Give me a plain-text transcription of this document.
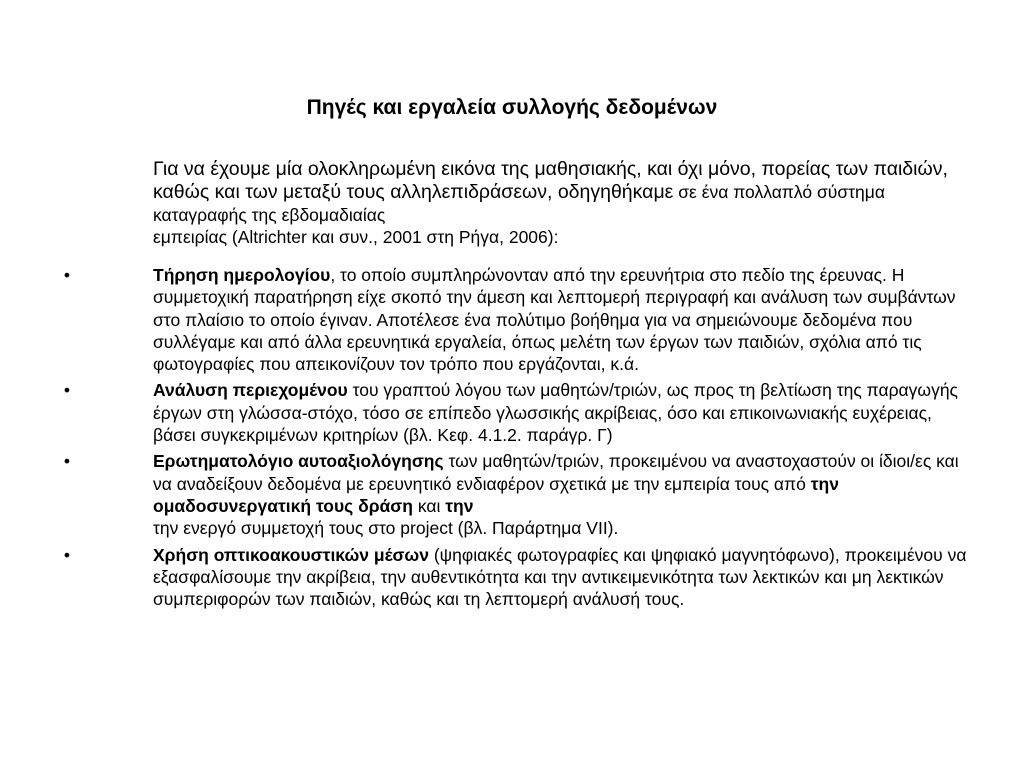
Πηγές και εργαλεία συλλογής δεδομένων
Για να έχουμε μία ολοκληρωμένη εικόνα της μαθησιακής, και όχι μόνο, πορείας των παιδιών, καθώς και των μεταξύ τους αλληλεπιδράσεων, οδηγηθήκαμε σε ένα πολλαπλό σύστημα καταγραφής της εβδομαδιαίας
εμπειρίας (Altrichter και συν., 2001 στη Ρήγα, 2006):
•	Τήρηση ημερολογίου, το οποίο συμπληρώνονταν από την ερευνήτρια στο πεδίο της έρευνας. Η συμμετοχική παρατήρηση είχε σκοπό την άμεση και λεπτομερή περιγραφή και ανάλυση των συμβάντων στο πλαίσιο το οποίο έγιναν. Αποτέλεσε ένα πολύτιμο βοήθημα για να σημειώνουμε δεδομένα που συλλέγαμε και από άλλα ερευνητικά εργαλεία, όπως μελέτη των έργων των παιδιών, σχόλια από τις φωτογραφίες που απεικονίζουν τον τρόπο που εργάζονται, κ.ά.
•	Ανάλυση περιεχομένου του γραπτού λόγου των μαθητών/τριών, ως προς τη βελτίωση της παραγωγής έργων στη γλώσσα-στόχο, τόσο σε επίπεδο γλωσσικής ακρίβειας, όσο και επικοινωνιακής ευχέρειας, βάσει συγκεκριμένων κριτηρίων (βλ. Κεφ. 4.1.2. παράγρ. Γ)
•	Ερωτηματολόγιο αυτοαξιολόγησης των μαθητών/τριών, προκειμένου να αναστοχαστούν οι ίδιοι/ες και να αναδείξουν δεδομένα με ερευνητικό ενδιαφέρον σχετικά με την εμπειρία τους από την ομαδοσυνεργατική τους δράση και την
την ενεργό συμμετοχή τους στο project (βλ. Παράρτημα VII).
•	Χρήση οπτικοακουστικών μέσων (ψηφιακές φωτογραφίες και ψηφιακό μαγνητόφωνο), προκειμένου να εξασφαλίσουμε την ακρίβεια, την αυθεντικότητα και την αντικειμενικότητα των λεκτικών και μη λεκτικών συμπεριφορών των παιδιών, καθώς και τη λεπτομερή ανάλυσή τους.
